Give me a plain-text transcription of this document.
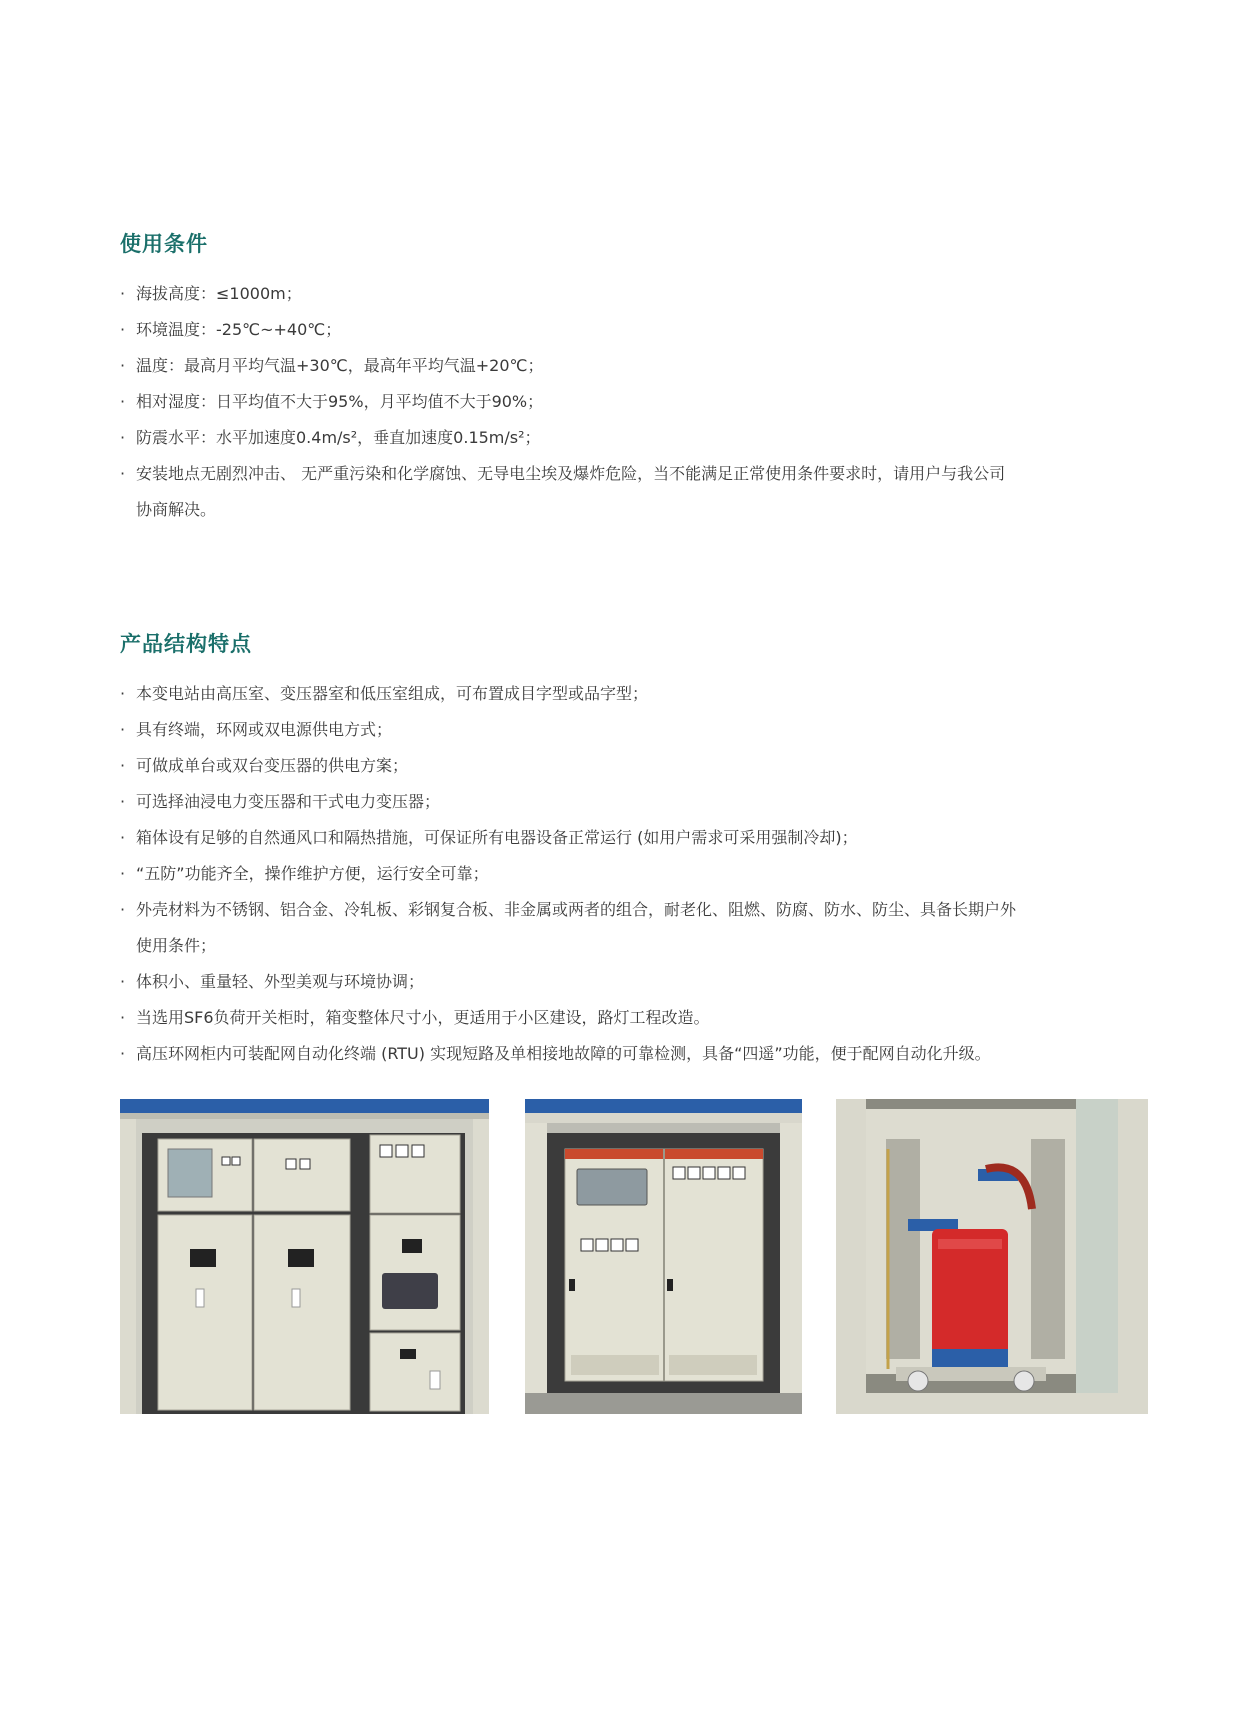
使用条件
· 海拔高度：≤1000m；
· 环境温度：-25℃~+40℃；
· 温度：最高月平均气温+30℃，最高年平均气温+20℃；
· 相对湿度：日平均值不大于95%，月平均值不大于90%；
· 防震水平：水平加速度0.4m/s²，垂直加速度0.15m/s²；
· 安装地点无剧烈冲击、 无严重污染和化学腐蚀、无导电尘埃及爆炸危险，当不能满足正常使用条件要求时，请用户与我公司
协商解决。
产品结构特点
· 本变电站由高压室、变压器室和低压室组成，可布置成目字型或品字型；
· 具有终端，环网或双电源供电方式；
· 可做成单台或双台变压器的供电方案；
· 可选择油浸电力变压器和干式电力变压器；
· 箱体设有足够的自然通风口和隔热措施，可保证所有电器设备正常运行 (如用户需求可采用强制冷却)；
· “五防”功能齐全，操作维护方便，运行安全可靠；
· 外壳材料为不锈钢、铝合金、冷轧板、彩钢复合板、非金属或两者的组合，耐老化、阻燃、防腐、防水、防尘、具备长期户外
使用条件；
· 体积小、重量轻、外型美观与环境协调；
· 当选用SF6负荷开关柜时，箱变整体尺寸小，更适用于小区建设，路灯工程改造。
· 高压环网柜内可装配网自动化终端 (RTU) 实现短路及单相接地故障的可靠检测，具备“四遥”功能，便于配网自动化升级。
